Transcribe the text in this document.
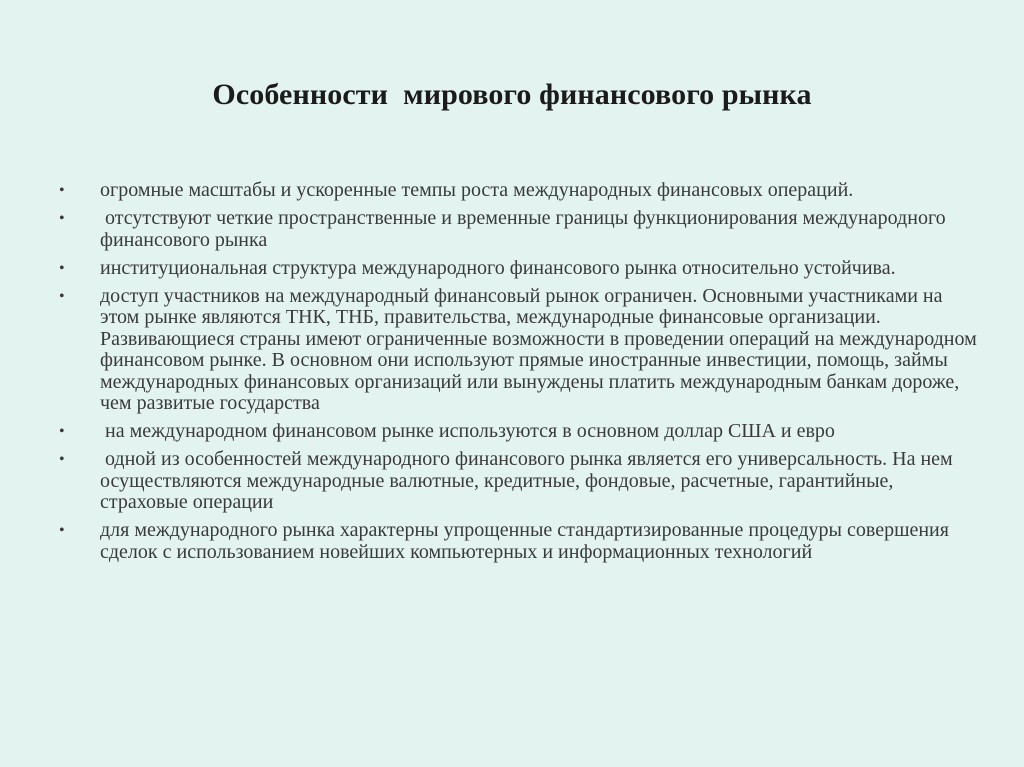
Особенности  мирового финансового рынка
• огромные масштабы и ускоренные темпы роста международных финансовых операций.
• отсутствуют четкие пространственные и временные границы функционирования международного финансового рынка
• институциональная структура международного финансового рынка относительно устойчива.
• доступ участников на международный финансовый рынок ограничен. Основными участниками на этом рынке являются ТНК, ТНБ, правительства, международные финансовые организации. Развивающиеся страны имеют ограниченные возможности в проведении операций на международном финансовом рынке. В основном они используют прямые иностранные инвестиции, помощь, займы международных финансовых организаций или вынуждены платить международным банкам дороже, чем развитые государства
• на международном финансовом рынке используются в основном доллар США и евро
• одной из особенностей международного финансового рынка является его универсальность. На нем осуществляются международные валютные, кредитные, фондовые, расчетные, гарантийные, страховые операции
• для международного рынка характерны упрощенные стандартизированные процедуры совершения сделок с использованием новейших компьютерных и информационных технологий
